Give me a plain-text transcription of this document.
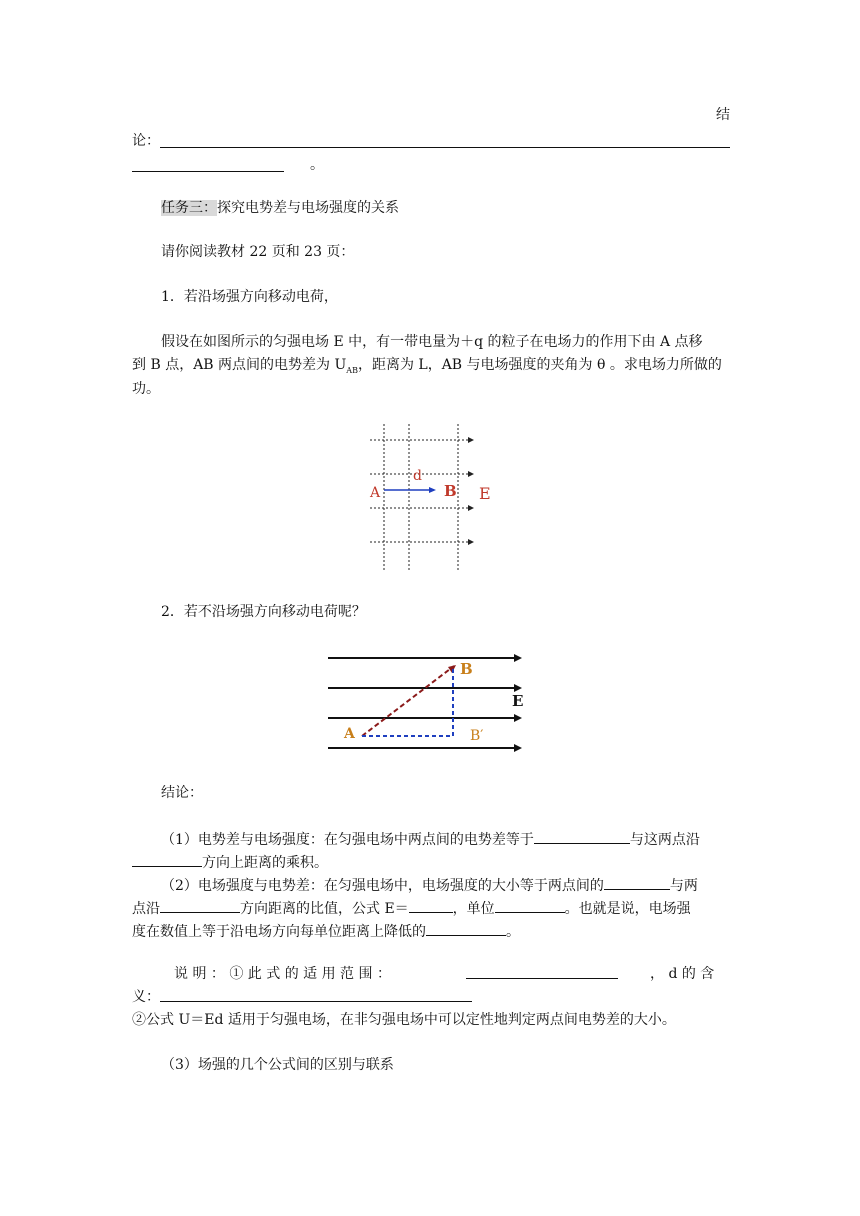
结
论：
。
任务三：探究电势差与电场强度的关系
请你阅读教材 22 页和 23 页：
1．若沿场强方向移动电荷，
假设在如图所示的匀强电场 E 中，有一带电量为＋q 的粒子在电场力的作用下由 A 点移
到 B 点，AB 两点间的电势差为 $U_{AB}$，距离为 L，AB 与电场强度的夹角为 θ 。求电场力所做的
功。
A	B
d
E
2．若不沿场强方向移动电荷呢？
A
B
B′
E
结论：
（1）电势差与电场强度：在匀强电场中两点间的电势差等于	与这两点沿
方向上距离的乘积。
（2）电场强度与电势差：在匀强电场中，电场强度的大小等于两点间的	与两
点沿	方向距离的比值，公式 E＝	，单位	。也就是说，电场强
度在数值上等于沿电场方向每单位距离上降低的	。
说 明 ： ① 此 式 的 适 用 范 围 ：	， d 的 含
义：
②公式 U＝Ed 适用于匀强电场，在非匀强电场中可以定性地判定两点间电势差的大小。
（3）场强的几个公式间的区别与联系
